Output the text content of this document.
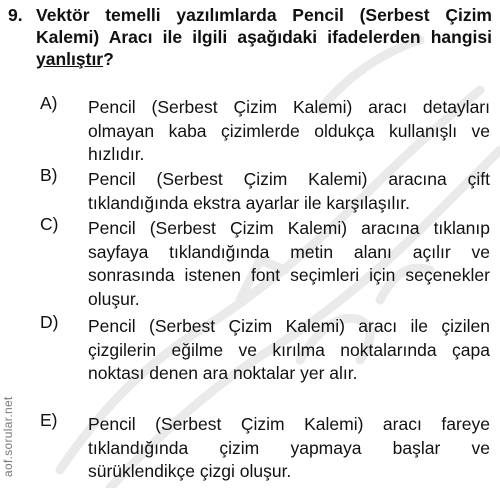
aof.sorular.net
9. Vektör temelli yazılımlarda Pencil (Serbest Çizim Kalemi) Aracı ile ilgili aşağıdaki ifadelerden hangisi yanlıştır?
A)	Pencil (Serbest Çizim Kalemi) aracı detayları olmayan kaba çizimlerde oldukça kullanışlı ve hızlıdır.
B)	Pencil (Serbest Çizim Kalemi) aracına çift tıklandığında ekstra ayarlar ile karşılaşılır.
C)	Pencil (Serbest Çizim Kalemi) aracına tıklanıp sayfaya tıklandığında metin alanı açılır ve sonrasında istenen font seçimleri için seçenekler oluşur.
D)	Pencil (Serbest Çizim Kalemi) aracı ile çizilen çizgilerin eğilme ve kırılma noktalarında çapa noktası denen ara noktalar yer alır.
E)	Pencil (Serbest Çizim Kalemi) aracı fareye tıklandığında çizim yapmaya başlar ve sürüklendikçe çizgi oluşur.
